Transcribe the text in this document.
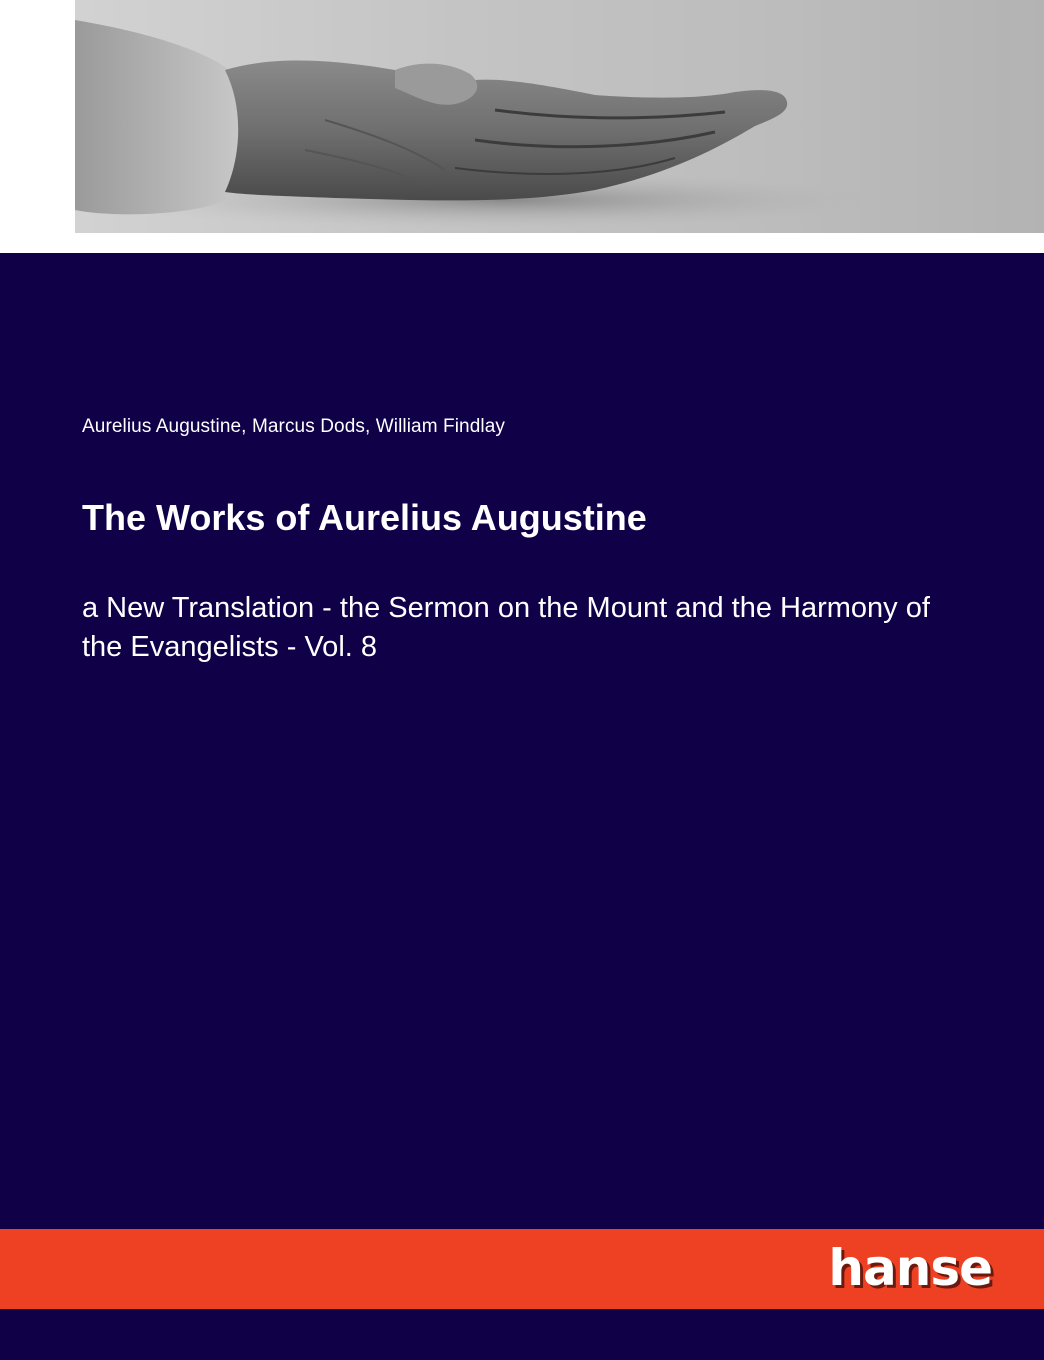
Aurelius Augustine, Marcus Dods, William Findlay
The Works of Aurelius Augustine
a New Translation - the Sermon on the Mount and the Harmony of the Evangelists - Vol. 8
hanse
